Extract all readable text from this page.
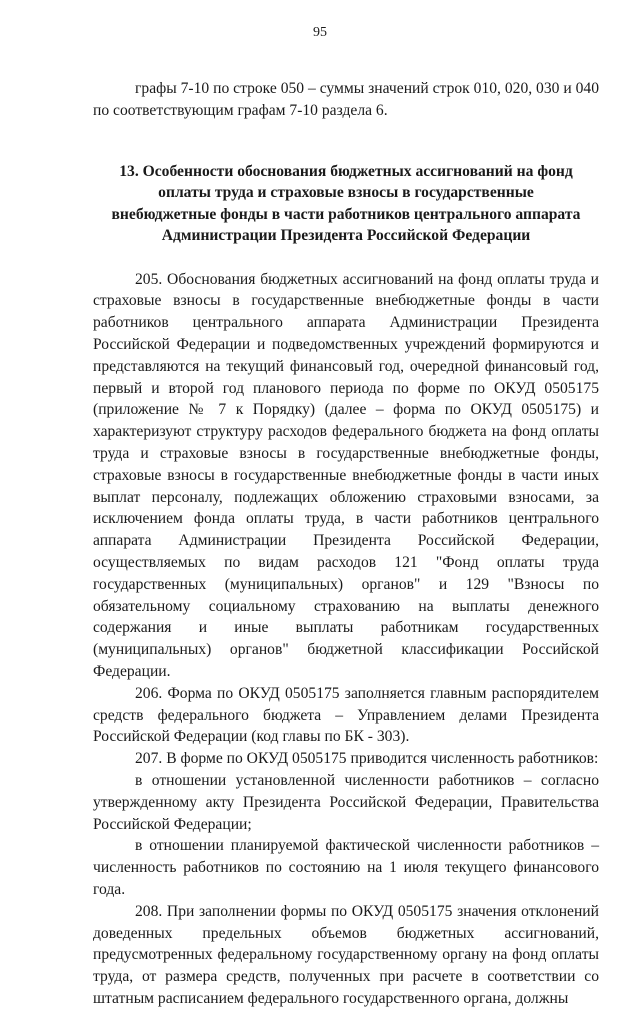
95

графы 7-10 по строке 050 – суммы значений строк 010, 020, 030 и 040 по соответствующим графам 7-10 раздела 6.

13. Особенности обоснования бюджетных ассигнований на фонд оплаты труда и страховые взносы в государственные внебюджетные фонды в части работников центрального аппарата Администрации Президента Российской Федерации

205. Обоснования бюджетных ассигнований на фонд оплаты труда и страховые взносы в государственные внебюджетные фонды в части работников центрального аппарата Администрации Президента Российской Федерации и подведомственных учреждений формируются и представляются на текущий финансовый год, очередной финансовый год, первый и второй год планового периода по форме по ОКУД 0505175 (приложение № 7 к Порядку) (далее – форма по ОКУД 0505175) и характеризуют структуру расходов федерального бюджета на фонд оплаты труда и страховые взносы в государственные внебюджетные фонды, страховые взносы в государственные внебюджетные фонды в части иных выплат персоналу, подлежащих обложению страховыми взносами, за исключением фонда оплаты труда, в части работников центрального аппарата Администрации Президента Российской Федерации, осуществляемых по видам расходов 121 "Фонд оплаты труда государственных (муниципальных) органов" и 129 "Взносы по обязательному социальному страхованию на выплаты денежного содержания и иные выплаты работникам государственных (муниципальных) органов" бюджетной классификации Российской Федерации.

206. Форма по ОКУД 0505175 заполняется главным распорядителем средств федерального бюджета – Управлением делами Президента Российской Федерации (код главы по БК - 303).

207. В форме по ОКУД 0505175 приводится численность работников:

в отношении установленной численности работников – согласно утвержденному акту Президента Российской Федерации, Правительства Российской Федерации;

в отношении планируемой фактической численности работников – численность работников по состоянию на 1 июля текущего финансового года.

208. При заполнении формы по ОКУД 0505175 значения отклонений доведенных предельных объемов бюджетных ассигнований, предусмотренных федеральному государственному органу на фонд оплаты труда, от размера средств, полученных при расчете в соответствии со штатным расписанием федерального государственного органа, должны
